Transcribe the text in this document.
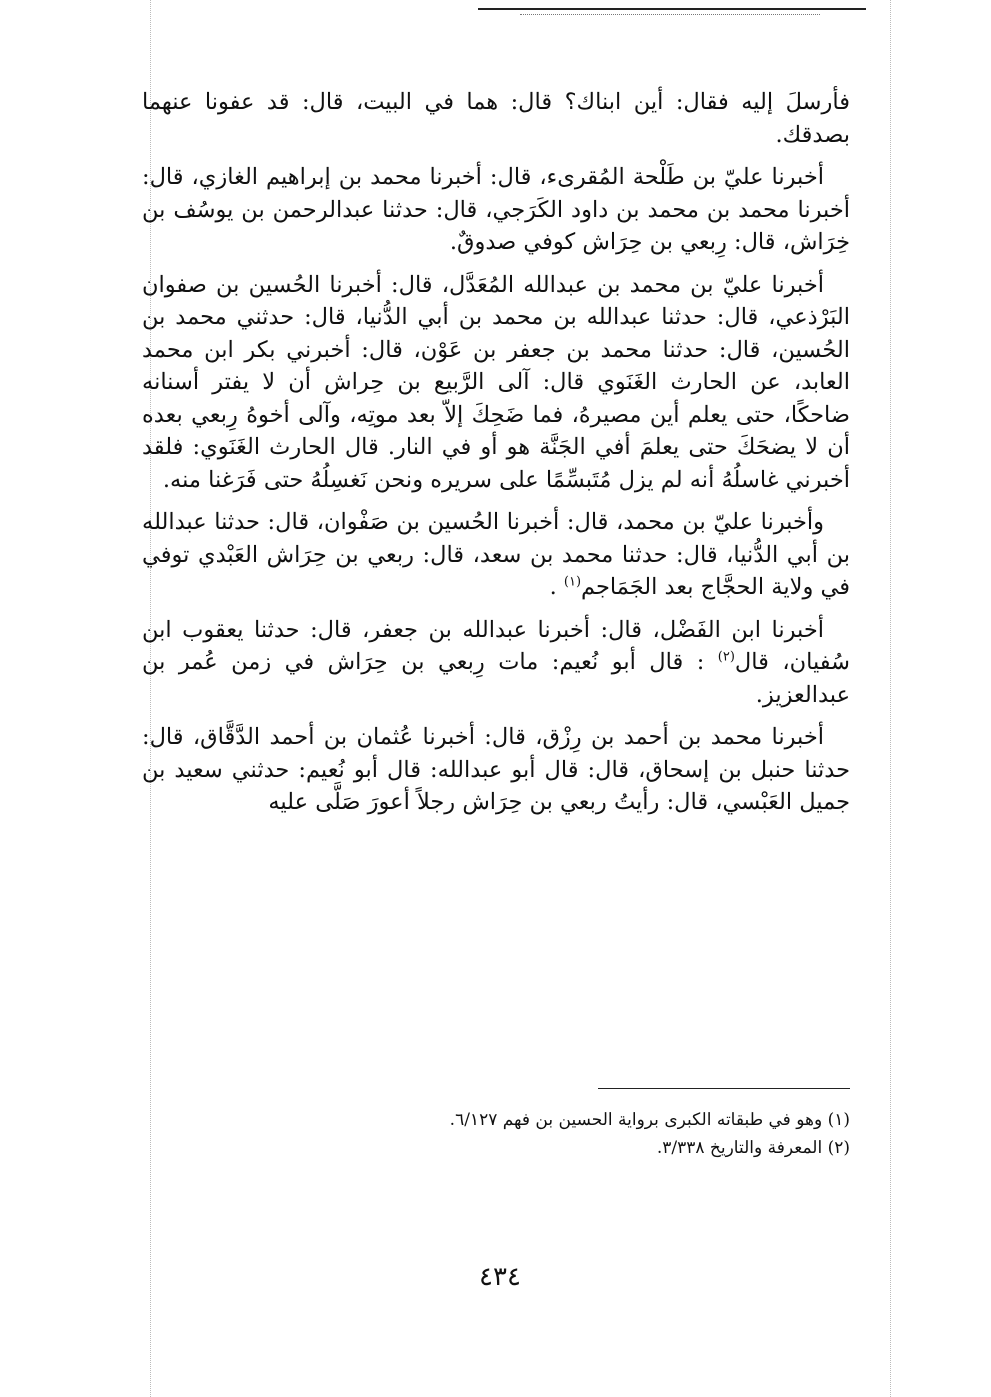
فأرسلَ إليه فقال: أين ابناك؟ قال: هما في البيت، قال: قد عفونا عنهما بصدقك.

أخبرنا عليّ بن طَلْحة المُقرىء، قال: أخبرنا محمد بن إبراهيم الغازي، قال: أخبرنا محمد بن محمد بن داود الكَرَجي، قال: حدثنا عبدالرحمن بن يوسُف بن خِرَاش، قال: رِبعي بن حِرَاش كوفي صدوقٌ.

أخبرنا عليّ بن محمد بن عبدالله المُعَدَّل، قال: أخبرنا الحُسين بن صفوان البَرْذعي، قال: حدثنا عبدالله بن محمد بن أبي الدُّنيا، قال: حدثني محمد بن الحُسين، قال: حدثنا محمد بن جعفر بن عَوْن، قال: أخبرني بكر ابن محمد العابد، عن الحارث الغَنَوي قال: آلى الرَّبيع بن حِراش أن لا يفتر أسنانه ضاحكًا، حتى يعلم أين مصيرهُ، فما ضَحِكَ إلاّ بعد موتِه، وآلى أخوهُ رِبعي بعده أن لا يضحَكَ حتى يعلمَ أفي الجَنَّة هو أو في النار. قال الحارث الغَنَوي: فلقد أخبرني غاسلُهُ أنه لم يزل مُتَبسِّمًا على سريره ونحن نَغسِلُهُ حتى فَرَغنا منه.

وأخبرنا عليّ بن محمد، قال: أخبرنا الحُسين بن صَفْوان، قال: حدثنا عبدالله بن أبي الدُّنيا، قال: حدثنا محمد بن سعد، قال: ربعي بن حِرَاش العَبْدي توفي في ولاية الحجَّاج بعد الجَمَاجم$^{(١)}$ .

أخبرنا ابن الفَضْل، قال: أخبرنا عبدالله بن جعفر، قال: حدثنا يعقوب ابن سُفيان، قال$^{(٢)}$ : قال أبو نُعيم: مات رِبعي بن حِرَاش في زمن عُمر بن عبدالعزيز.

أخبرنا محمد بن أحمد بن رِزْق، قال: أخبرنا عُثمان بن أحمد الدَّقَّاق، قال: حدثنا حنبل بن إسحاق، قال: قال أبو عبدالله: قال أبو نُعيم: حدثني سعيد بن جميل العَبْسي، قال: رأيتُ ربعي بن حِرَاش رجلاً أعورَ صَلَّى عليه

(١) وهو في طبقاته الكبرى برواية الحسين بن فهم ٦/١٢٧.
(٢) المعرفة والتاريخ ٣/٣٣٨.
٤٣٤
